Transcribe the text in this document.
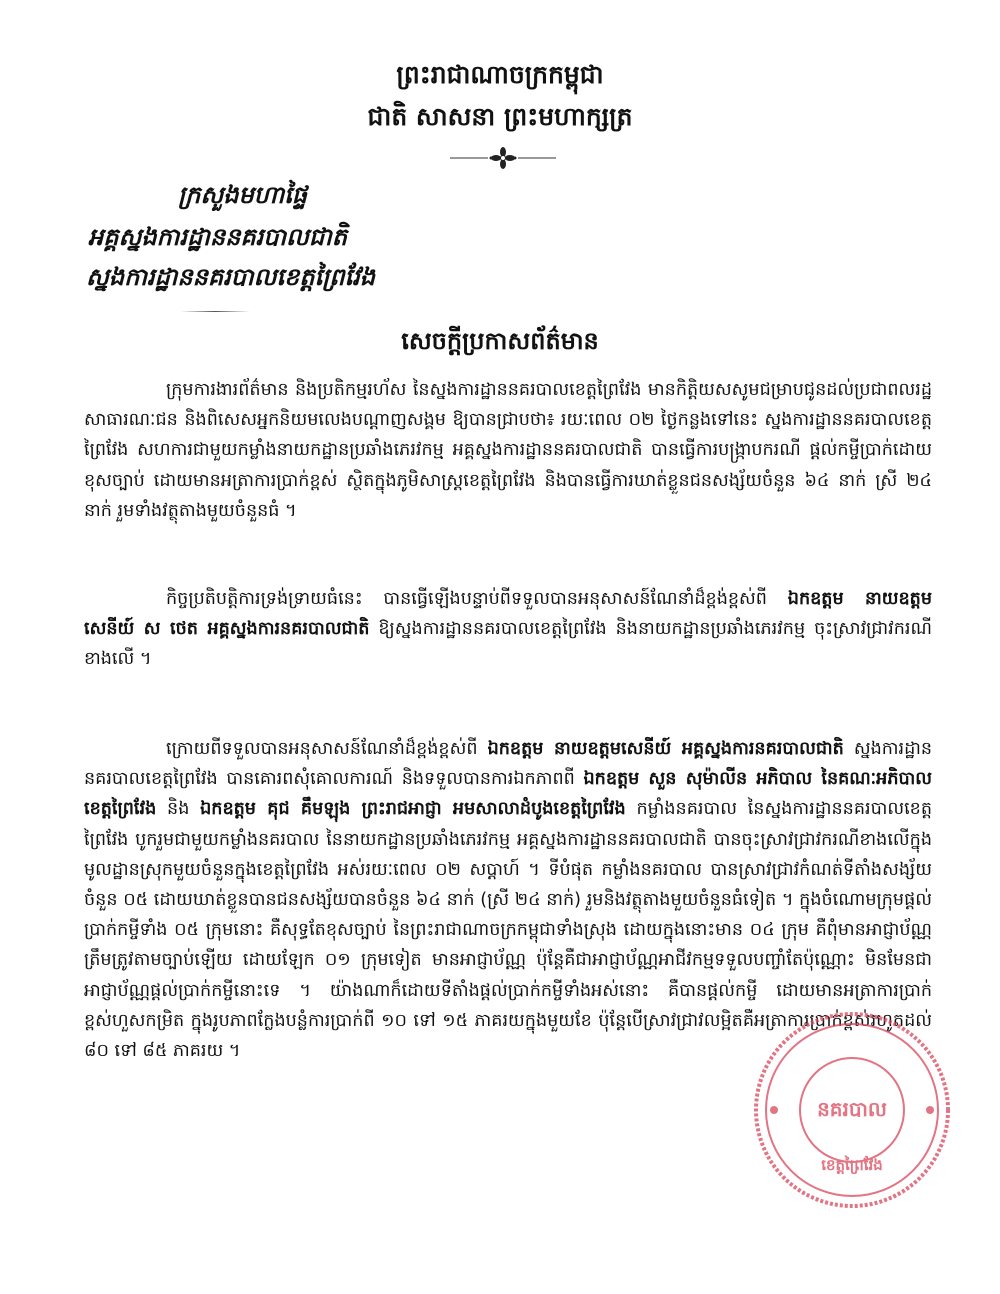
ព្រះរាជាណាចក្រកម្ពុជា
ជាតិ សាសនា ព្រះមហាក្សត្រ
ក្រសួងមហាផ្ទៃ
អគ្គស្នងការដ្ឋាននគរបាលជាតិ
ស្នងការដ្ឋាននគរបាលខេត្តព្រៃវែង
សេចក្តីប្រកាសព័ត៌មាន
ក្រុមការងារព័ត៌មាន និងប្រតិកម្មរហ័ស នៃស្នងការដ្ឋាននគរបាលខេត្តព្រៃវែង មានកិត្តិយសសូមជម្រាបជូនដល់ប្រជាពលរដ្ឋ សាធារណៈជន និងពិសេសអ្នកនិយមលេងបណ្តាញសង្គម ឱ្យបានជ្រាបថា៖ រយៈពេល ០២ ថ្ងៃកន្លងទៅនេះ ស្នងការដ្ឋាននគរបាលខេត្តព្រៃវែង សហការជាមួយកម្លាំងនាយកដ្ឋានប្រឆាំងភេរវកម្ម អគ្គស្នងការដ្ឋាននគរបាលជាតិ បានធ្វើការបង្ក្រាបករណី ផ្តល់កម្ចីប្រាក់ដោយខុសច្បាប់ ដោយមានអត្រាការប្រាក់ខ្ពស់ ស្ថិតក្នុងភូមិសាស្ត្រខេត្តព្រៃវែង និងបានធ្វើការឃាត់ខ្លួនជនសង្ស័យចំនួន ៦៤ នាក់ ស្រី ២៤ នាក់ រួមទាំងវត្ថុតាងមួយចំនួនធំ ។
កិច្ចប្រតិបត្តិការទ្រង់ទ្រាយធំនេះ បានធ្វើឡើងបន្ទាប់ពីទទួលបានអនុសាសន៍ណែនាំដ៏ខ្ពង់ខ្ពស់ពី ឯកឧត្តម នាយឧត្តមសេនីយ៍ ស ថេត អគ្គស្នងការនគរបាលជាតិ ឱ្យស្នងការដ្ឋាននគរបាលខេត្តព្រៃវែង និងនាយកដ្ឋានប្រឆាំងភេរវកម្ម ចុះស្រាវជ្រាវករណីខាងលើ ។
ក្រោយពីទទួលបានអនុសាសន៍ណែនាំដ៏ខ្ពង់ខ្ពស់ពី ឯកឧត្តម នាយឧត្តមសេនីយ៍ អគ្គស្នងការនគរបាលជាតិ ស្នងការដ្ឋាននគរបាលខេត្តព្រៃវែង បានគោរពសុំគោលការណ៍ និងទទួលបានការឯកភាពពី ឯកឧត្តម សួន សុម៉ាលីន អភិបាល នៃគណៈអភិបាលខេត្តព្រៃវែង និង ឯកឧត្តម គុជ គឹមឡុង ព្រះរាជអាជ្ញា អមសាលាដំបូងខេត្តព្រៃវែង កម្លាំងនគរបាល នៃស្នងការដ្ឋាននគរបាលខេត្តព្រៃវែង បូករួមជាមួយកម្លាំងនគរបាល នៃនាយកដ្ឋានប្រឆាំងភេរវកម្ម អគ្គស្នងការដ្ឋាននគរបាលជាតិ បានចុះស្រាវជ្រាវករណីខាងលើក្នុងមូលដ្ឋានស្រុកមួយចំនួនក្នុងខេត្តព្រៃវែង អស់រយៈពេល ០២ សប្តាហ៍ ។ ទីបំផុត កម្លាំងនគរបាល បានស្រាវជ្រាវកំណត់ទីតាំងសង្ស័យចំនួន ០៥ ដោយឃាត់ខ្លួនបានជនសង្ស័យបានចំនួន ៦៤ នាក់ (ស្រី ២៤ នាក់) រួមនិងវត្ថុតាងមួយចំនួនធំទៀត ។ ក្នុងចំណោមក្រុមផ្តល់ប្រាក់កម្ចីទាំង ០៥ ក្រុមនោះ គឺសុទ្ធតែខុសច្បាប់ នៃព្រះរាជាណាចក្រកម្ពុជាទាំងស្រុង ដោយក្នុងនោះមាន ០៤ ក្រុម គឺពុំមានអាជ្ញាប័ណ្ណត្រឹមត្រូវតាមច្បាប់ឡើយ ដោយឡែក ០១ ក្រុមទៀត មានអាជ្ញាប័ណ្ណ ប៉ុន្តែគឺជាអាជ្ញាប័ណ្ណអាជីវកម្មទទួលបញ្ចាំតែប៉ុណ្ណោះ មិនមែនជាអាជ្ញាប័ណ្ណផ្តល់ប្រាក់កម្ចីនោះទេ ។ យ៉ាងណាក៏ដោយទីតាំងផ្តល់ប្រាក់កម្ចីទាំងអស់នោះ គឺបានផ្តល់កម្ចី ដោយមានអត្រាការប្រាក់ខ្ពស់ហួសកម្រិត ក្នុងរូបភាពក្លែងបន្លំការប្រាក់ពី ១០ ទៅ ១៥ ភាគរយក្នុងមួយខែ ប៉ុន្តែបើស្រាវជ្រាវលម្អិតគឺអត្រាការប្រាក់ខ្ពស់រហូតដល់ ៨០ ទៅ ៨៥ ភាគរយ ។
នគរបាល
ខេត្តព្រៃវែង
